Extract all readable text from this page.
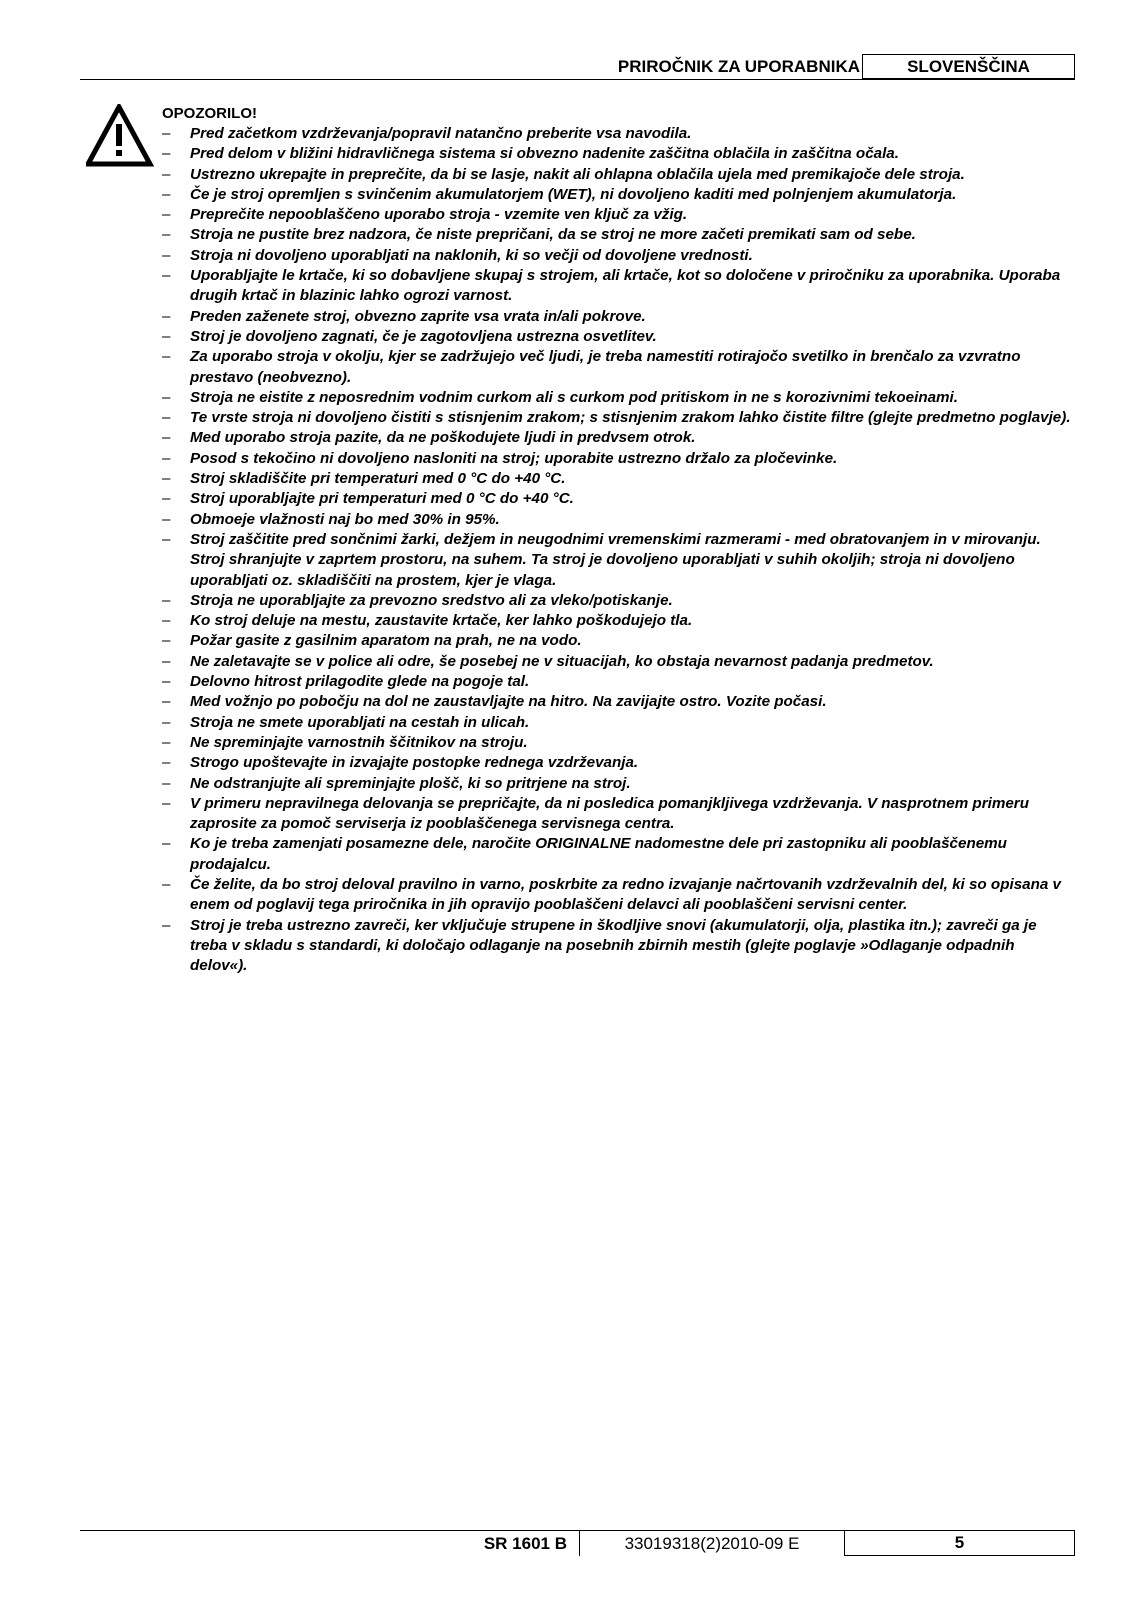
PRIROČNIK ZA UPORABNIKA	SLOVENŠČINA
OPOZORILO!
– Pred začetkom vzdrževanja/popravil natančno preberite vsa navodila.
– Pred delom v bližini hidravličnega sistema si obvezno nadenite zaščitna oblačila in zaščitna očala.
– Ustrezno ukrepajte in preprečite, da bi se lasje, nakit ali ohlapna oblačila ujela med premikajoče dele stroja.
– Če je stroj opremljen s svinčenim akumulatorjem (WET), ni dovoljeno kaditi med polnjenjem akumulatorja.
– Preprečite nepooblaščeno uporabo stroja - vzemite ven ključ za vžig.
– Stroja ne pustite brez nadzora, če niste prepričani, da se stroj ne more začeti premikati sam od sebe.
– Stroja ni dovoljeno uporabljati na naklonih, ki so večji od dovoljene vrednosti.
– Uporabljajte le krtače, ki so dobavljene skupaj s strojem, ali krtače, kot so določene v priročniku za uporabnika. Uporaba drugih krtač in blazinic lahko ogrozi varnost.
– Preden zaženete stroj, obvezno zaprite vsa vrata in/ali pokrove.
– Stroj je dovoljeno zagnati, če je zagotovljena ustrezna osvetlitev.
– Za uporabo stroja v okolju, kjer se zadržujejo več ljudi, je treba namestiti rotirajočo svetilko in brenčalo za vzvratno prestavo (neobvezno).
– Stroja ne eistite z neposrednim vodnim curkom ali s curkom pod pritiskom in ne s korozivnimi tekoeinami.
– Te vrste stroja ni dovoljeno čistiti s stisnjenim zrakom; s stisnjenim zrakom lahko čistite filtre (glejte predmetno poglavje).
– Med uporabo stroja pazite, da ne poškodujete ljudi in predvsem otrok.
– Posod s tekočino ni dovoljeno nasloniti na stroj; uporabite ustrezno držalo za pločevinke.
– Stroj skladiščite pri temperaturi med 0 °C do +40 °C.
– Stroj uporabljajte pri temperaturi med 0 °C do +40 °C.
– Obmoeje vlažnosti naj bo med 30% in 95%.
– Stroj zaščitite pred sončnimi žarki, dežjem in neugodnimi vremenskimi razmerami - med obratovanjem in v mirovanju. Stroj shranjujte v zaprtem prostoru, na suhem. Ta stroj je dovoljeno uporabljati v suhih okoljih; stroja ni dovoljeno uporabljati oz. skladiščiti na prostem, kjer je vlaga.
– Stroja ne uporabljajte za prevozno sredstvo ali za vleko/potiskanje.
– Ko stroj deluje na mestu, zaustavite krtače, ker lahko poškodujejo tla.
– Požar gasite z gasilnim aparatom na prah, ne na vodo.
– Ne zaletavajte se v police ali odre, še posebej ne v situacijah, ko obstaja nevarnost padanja predmetov.
– Delovno hitrost prilagodite glede na pogoje tal.
– Med vožnjo po pobočju na dol ne zaustavljajte na hitro. Na zavijajte ostro. Vozite počasi.
– Stroja ne smete uporabljati na cestah in ulicah.
– Ne spreminjajte varnostnih ščitnikov na stroju.
– Strogo upoštevajte in izvajajte postopke rednega vzdrževanja.
– Ne odstranjujte ali spreminjajte plošč, ki so pritrjene na stroj.
– V primeru nepravilnega delovanja se prepričajte, da ni posledica pomanjkljivega vzdrževanja. V nasprotnem primeru zaprosite za pomoč serviserja iz pooblaščenega servisnega centra.
– Ko je treba zamenjati posamezne dele, naročite ORIGINALNE nadomestne dele pri zastopniku ali pooblaščenemu prodajalcu.
– Če želite, da bo stroj deloval pravilno in varno, poskrbite za redno izvajanje načrtovanih vzdrževalnih del, ki so opisana v enem od poglavij tega priročnika in jih opravijo pooblaščeni delavci ali pooblaščeni servisni center.
– Stroj je treba ustrezno zavreči, ker vključuje strupene in škodljive snovi (akumulatorji, olja, plastika itn.); zavreči ga je treba v skladu s standardi, ki določajo odlaganje na posebnih zbirnih mestih (glejte poglavje »Odlaganje odpadnih delov«).
SR 1601 B	33019318(2)2010-09 E	5
